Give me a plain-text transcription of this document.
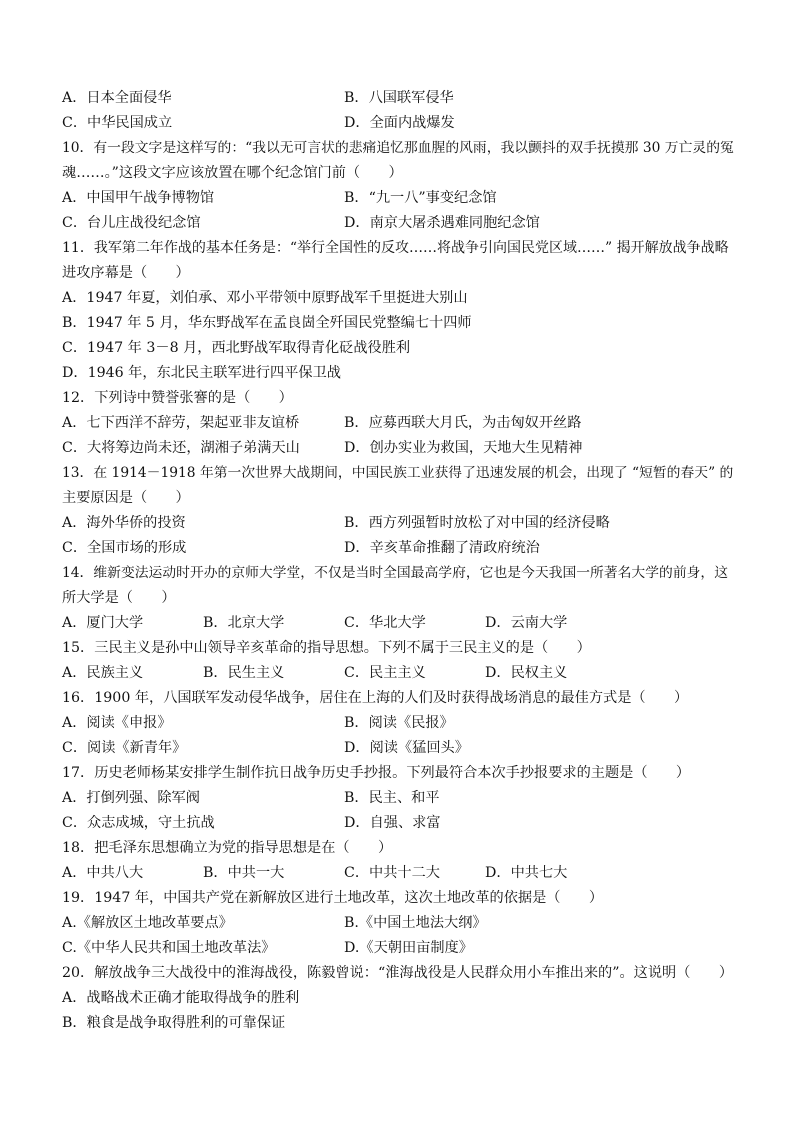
A．日本全面侵华	B．八国联军侵华
C．中华民国成立	D．全面内战爆发
10．有一段文字是这样写的：“我以无可言状的悲痛追忆那血腥的风雨，我以颤抖的双手抚摸那 30 万亡灵的冤
魂……。”这段文字应该放置在哪个纪念馆门前（　　）
A．中国甲午战争博物馆	B．“九一八”事变纪念馆
C．台儿庄战役纪念馆	D．南京大屠杀遇难同胞纪念馆
11．我军第二年作战的基本任务是：“举行全国性的反攻……将战争引向国民党区域……” 揭开解放战争战略
进攻序幕是（　　）
A．1947 年夏，刘伯承、邓小平带领中原野战军千里挺进大别山
B．1947 年 5 月，华东野战军在孟良崮全歼国民党整编七十四师
C．1947 年 3－8 月，西北野战军取得青化砭战役胜利
D．1946 年，东北民主联军进行四平保卫战
12．下列诗中赞誉张謇的是（　　）
A．七下西洋不辞劳，架起亚非友谊桥	B．应募西联大月氏，为击匈奴开丝路
C．大将筹边尚未还，湖湘子弟满天山	D．创办实业为救国，天地大生见精神
13．在 1914－1918 年第一次世界大战期间，中国民族工业获得了迅速发展的机会，出现了 “短暂的春天” 的
主要原因是（　　）
A．海外华侨的投资	B．西方列强暂时放松了对中国的经济侵略
C．全国市场的形成	D．辛亥革命推翻了清政府统治
14．维新变法运动时开办的京师大学堂，不仅是当时全国最高学府，它也是今天我国一所著名大学的前身，这
所大学是（　　）
A．厦门大学	B．北京大学	C．华北大学	D．云南大学
15．三民主义是孙中山领导辛亥革命的指导思想。下列不属于三民主义的是（　　）
A．民族主义	B．民生主义	C．民主主义	D．民权主义
16．1900 年，八国联军发动侵华战争，居住在上海的人们及时获得战场消息的最佳方式是（　　）
A．阅读《申报》	B．阅读《民报》
C．阅读《新青年》	D．阅读《猛回头》
17．历史老师杨某安排学生制作抗日战争历史手抄报。下列最符合本次手抄报要求的主题是（　　）
A．打倒列强、除军阀	B．民主、和平
C．众志成城，守土抗战	D．自强、求富
18．把毛泽东思想确立为党的指导思想是在（　　）
A．中共八大	B．中共一大	C．中共十二大	D．中共七大
19．1947 年，中国共产党在新解放区进行土地改革，这次土地改革的依据是（　　）
A.《解放区土地改革要点》	B.《中国土地法大纲》
C.《中华人民共和国土地改革法》	D.《天朝田亩制度》
20．解放战争三大战役中的淮海战役，陈毅曾说：“淮海战役是人民群众用小车推出来的”。这说明（　　）
A．战略战术正确才能取得战争的胜利
B．粮食是战争取得胜利的可靠保证
